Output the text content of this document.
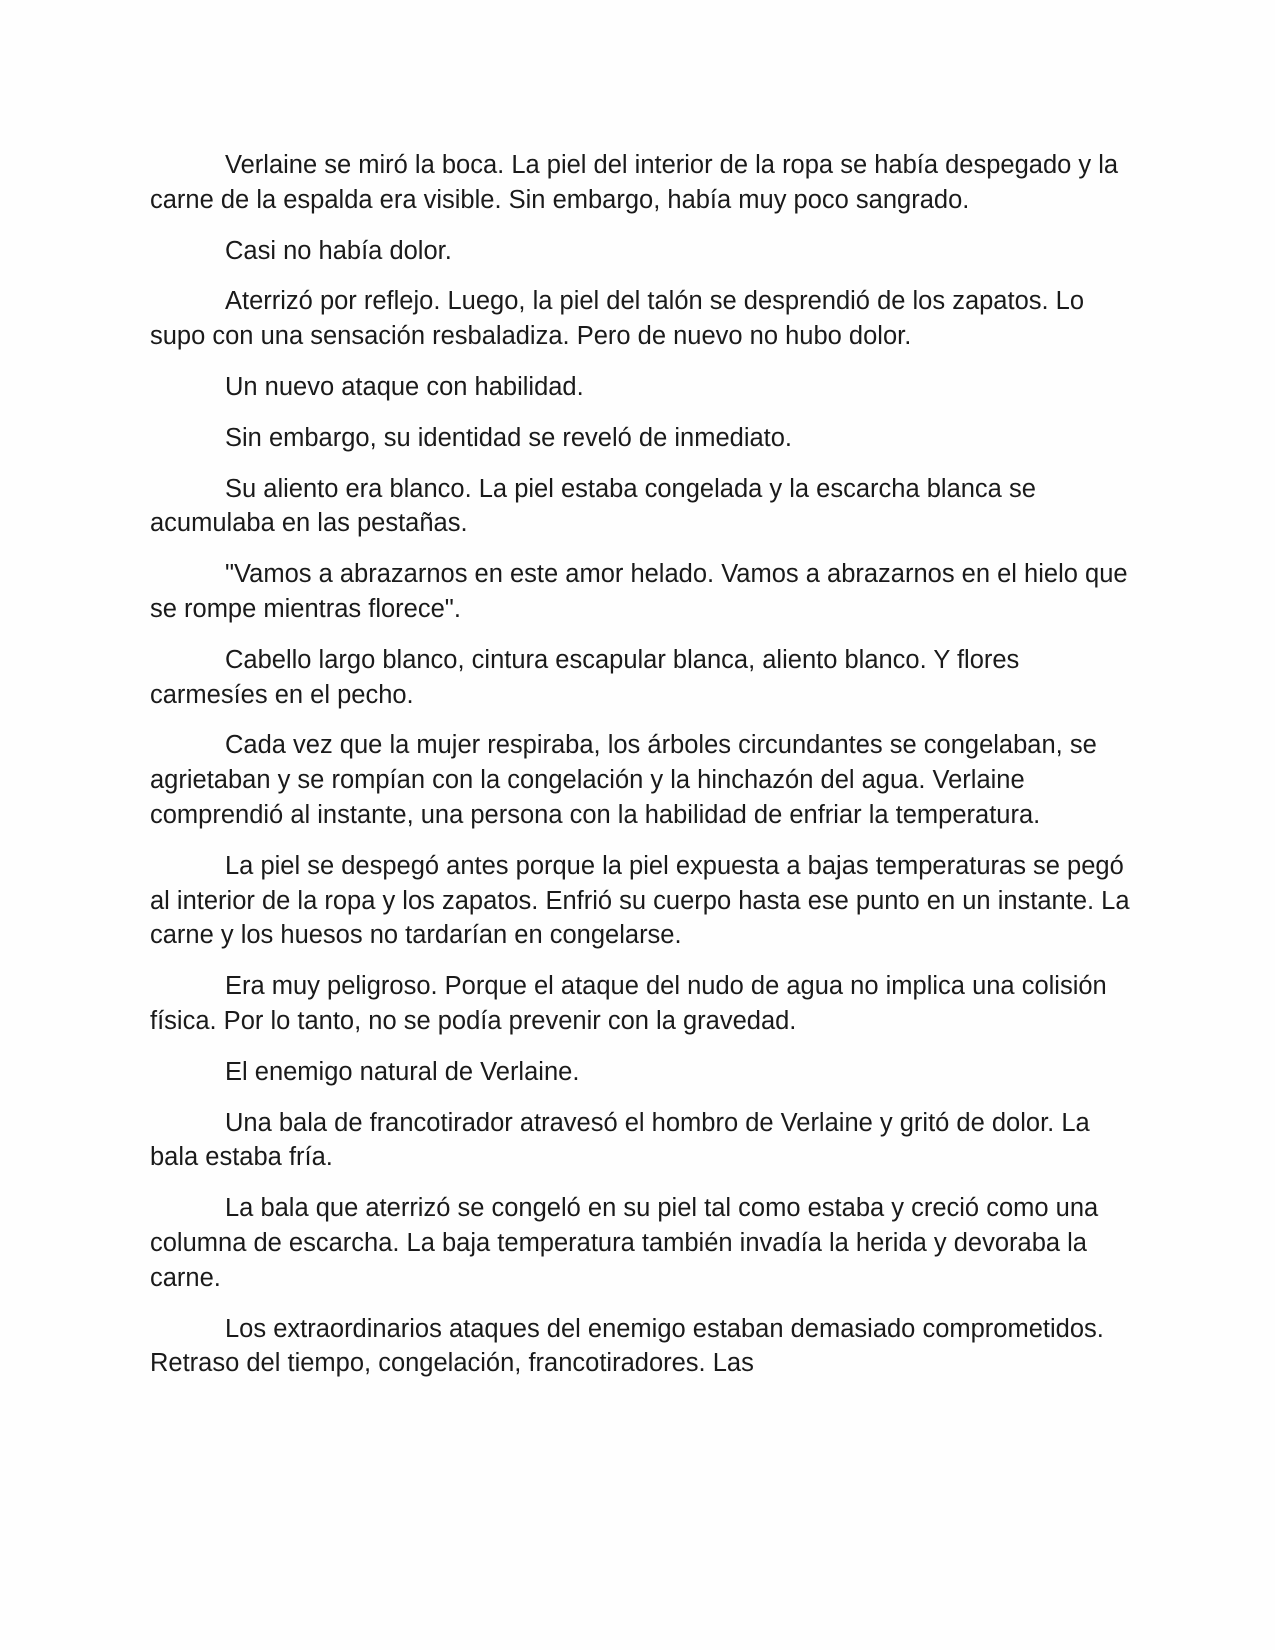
Verlaine se miró la boca. La piel del interior de la ropa se había despegado y la carne de la espalda era visible. Sin embargo, había muy poco sangrado.

Casi no había dolor.

Aterrizó por reflejo. Luego, la piel del talón se desprendió de los zapatos. Lo supo con una sensación resbaladiza. Pero de nuevo no hubo dolor.

Un nuevo ataque con habilidad.

Sin embargo, su identidad se reveló de inmediato.

Su aliento era blanco. La piel estaba congelada y la escarcha blanca se acumulaba en las pestañas.

"Vamos a abrazarnos en este amor helado. Vamos a abrazarnos en el hielo que se rompe mientras florece".

Cabello largo blanco, cintura escapular blanca, aliento blanco. Y flores carmesíes en el pecho.

Cada vez que la mujer respiraba, los árboles circundantes se congelaban, se agrietaban y se rompían con la congelación y la hinchazón del agua. Verlaine comprendió al instante, una persona con la habilidad de enfriar la temperatura.

La piel se despegó antes porque la piel expuesta a bajas temperaturas se pegó al interior de la ropa y los zapatos. Enfrió su cuerpo hasta ese punto en un instante. La carne y los huesos no tardarían en congelarse.

Era muy peligroso. Porque el ataque del nudo de agua no implica una colisión física. Por lo tanto, no se podía prevenir con la gravedad.

El enemigo natural de Verlaine.

Una bala de francotirador atravesó el hombro de Verlaine y gritó de dolor. La bala estaba fría.

La bala que aterrizó se congeló en su piel tal como estaba y creció como una columna de escarcha. La baja temperatura también invadía la herida y devoraba la carne.

Los extraordinarios ataques del enemigo estaban demasiado comprometidos. Retraso del tiempo, congelación, francotiradores. Las
